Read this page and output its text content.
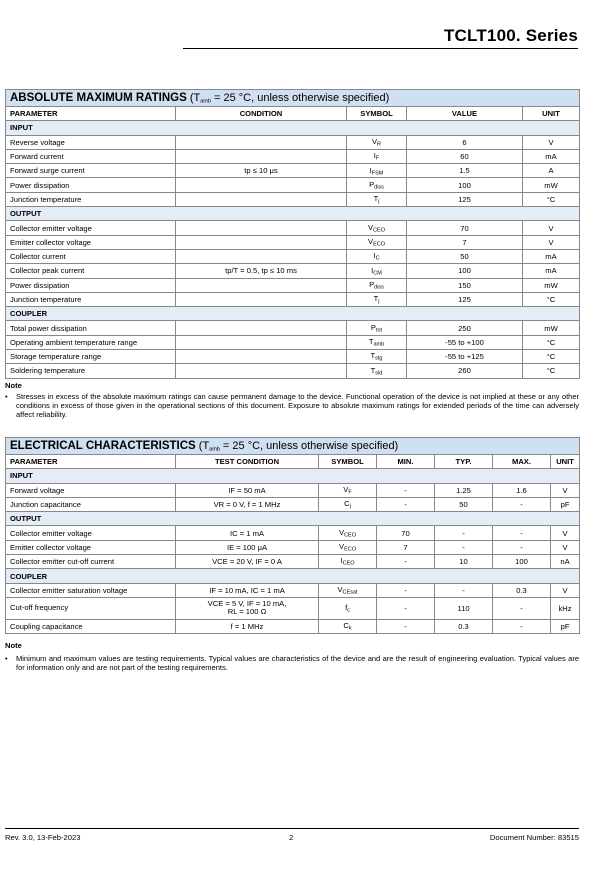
TCLT100. Series
ABSOLUTE MAXIMUM RATINGS ($T_{amb} = 25$ °C, unless otherwise specified)				
PARAMETER	CONDITION	SYMBOL	VALUE	UNIT
INPUT				
Reverse voltage		$V_R$	6	V
Forward current		$I_F$	60	mA
Forward surge current	tp ≤ 10 μs	$I_{FSM}$	1.5	A
Power dissipation		$P_{diss}$	100	mW
Junction temperature		$T_j$	125	°C
OUTPUT				
Collector emitter voltage		$V_{CEO}$	70	V
Emitter collector voltage		$V_{ECO}$	7	V
Collector current		$I_C$	50	mA
Collector peak current	tp/T = 0.5, tp ≤ 10 ms	$I_{CM}$	100	mA
Power dissipation		$P_{diss}$	150	mW
Junction temperature		$T_j$	125	°C
COUPLER				
Total power dissipation		$P_{tot}$	250	mW
Operating ambient temperature range		$T_{amb}$	-55 to +100	°C
Storage temperature range		$T_{stg}$	-55 to +125	°C
Soldering temperature		$T_{sld}$	260	°C
Note
• Stresses in excess of the absolute maximum ratings can cause permanent damage to the device. Functional operation of the device is not implied at these or any other conditions in excess of those given in the operational sections of this document. Exposure to absolute maximum ratings for extended periods of the time can adversely affect reliability.
ELECTRICAL CHARACTERISTICS ($T_{amb} = 25$ °C, unless otherwise specified)						
PARAMETER	TEST CONDITION	SYMBOL	MIN.	TYP.	MAX.	UNIT
INPUT						
Forward voltage	IF = 50 mA	$V_F$	-	1.25	1.6	V
Junction capacitance	VR = 0 V, f = 1 MHz	$C_j$	-	50	-	pF
OUTPUT						
Collector emitter voltage	IC = 1 mA	$V_{CEO}$	70	-	-	V
Emitter collector voltage	IE = 100 μA	$V_{ECO}$	7	-	-	V
Collector emitter cut-off current	VCE = 20 V, IF = 0 A	$I_{CEO}$	-	10	100	nA
COUPLER						
Collector emitter saturation voltage	IF = 10 mA, IC = 1 mA	$V_{CEsat}$	-	-	0.3	V
Cut-off frequency	VCE = 5 V, IF = 10 mA,
RL = 100 Ω	$f_c$	-	110	-	kHz
Coupling capacitance	f = 1 MHz	$C_k$	-	0.3	-	pF
Note
• Minimum and maximum values are testing requirements. Typical values are characteristics of the device and are the result of engineering evaluation. Typical values are for information only and are not part of the testing requirements.
Rev. 3.0, 13-Feb-2023	2	Document Number: 83515
